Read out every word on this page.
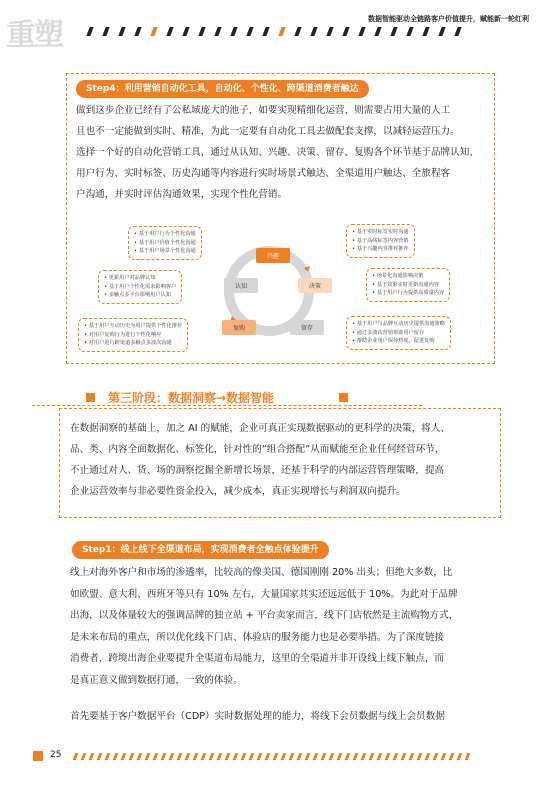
重塑	数据智能驱动全链路客户价值提升，赋能新一轮红利
Step4：利用营销自动化工具，自动化、个性化、跨渠道消费者触达
做到这步企业已经有了公私域庞大的池子，如要实现精细化运营，则需要占用大量的人工
且也不一定能做到实时、精准，为此一定要有自动化工具去做配套支撑，以减轻运营压力。
选择一个好的自动化营销工具，通过从认知、兴趣、决策、留存、复购各个环节基于品牌认知、
用户行为、实时标签、历史沟通等内容进行实时场景式触达、全渠道用户触达、全旅程客
户沟通，并实时评估沟通效果，实现个性化营销。
兴趣
认知	决策
复购	留存
• 基于用户行为个性化沟通
• 基于用户价值个性化沟通
• 基于用户场景个性化沟通
• 基于实时标签实时沟通
• 基于高线标签内容营销
• 基于兴趣内容推荐推荐
• 更新用户对品牌认知
• 基于用户个性化需求影响客户
• 多触点多平台影响用户认知
• 场景化沟通影响决策
• 基于效果实时更新沟通内容
• 基于用户行为提供高质量内容
• 基于用户互动历史为用户提供个性化推荐
• 对用户复购行为进行个性化响应
• 对用户进行跨渠道多触点多波次沟通
• 基于用户与品牌互动历史提供沟通策略
• 通过多波次营销帮助用户留存
• 帮助企业用户保持热度，促进复购
第三阶段：数据洞察→数据智能
在数据洞察的基础上，加之 AI 的赋能，企业可真正实现数据驱动的更科学的决策，将人、
品、类、内容全面数据化、标签化，针对性的“组合搭配”从而赋能至企业任何经营环节，
不止通过对人、货、场的洞察挖掘全新增长场景，还基于科学的内部运营管理策略，提高
企业运营效率与非必要性资金投入，减少成本，真正实现增长与利润双向提升。
Step1：线上线下全渠道布局，实现消费者全触点体验提升
线上对海外客户和市场的渗透率，比较高的像美国、德国刚刚 20% 出头；但绝大多数，比
如欧盟、意大利、西班牙等只有 10% 左右，大量国家其实还远远低于 10%。为此对于品牌
出海，以及体量较大的强调品牌的独立站 + 平台卖家而言，线下门店依然是主流购物方式，
是未来布局的重点，所以优化线下门店、体验店的服务能力也是必要举措。为了深度链接
消费者，跨境出海企业要提升全渠道布局能力，这里的全渠道并非开设线上线下触点，而
是真正意义做到数据打通，一致的体验。
首先要基于客户数据平台（CDP）实时数据处理的能力，将线下会员数据与线上会员数据
25
